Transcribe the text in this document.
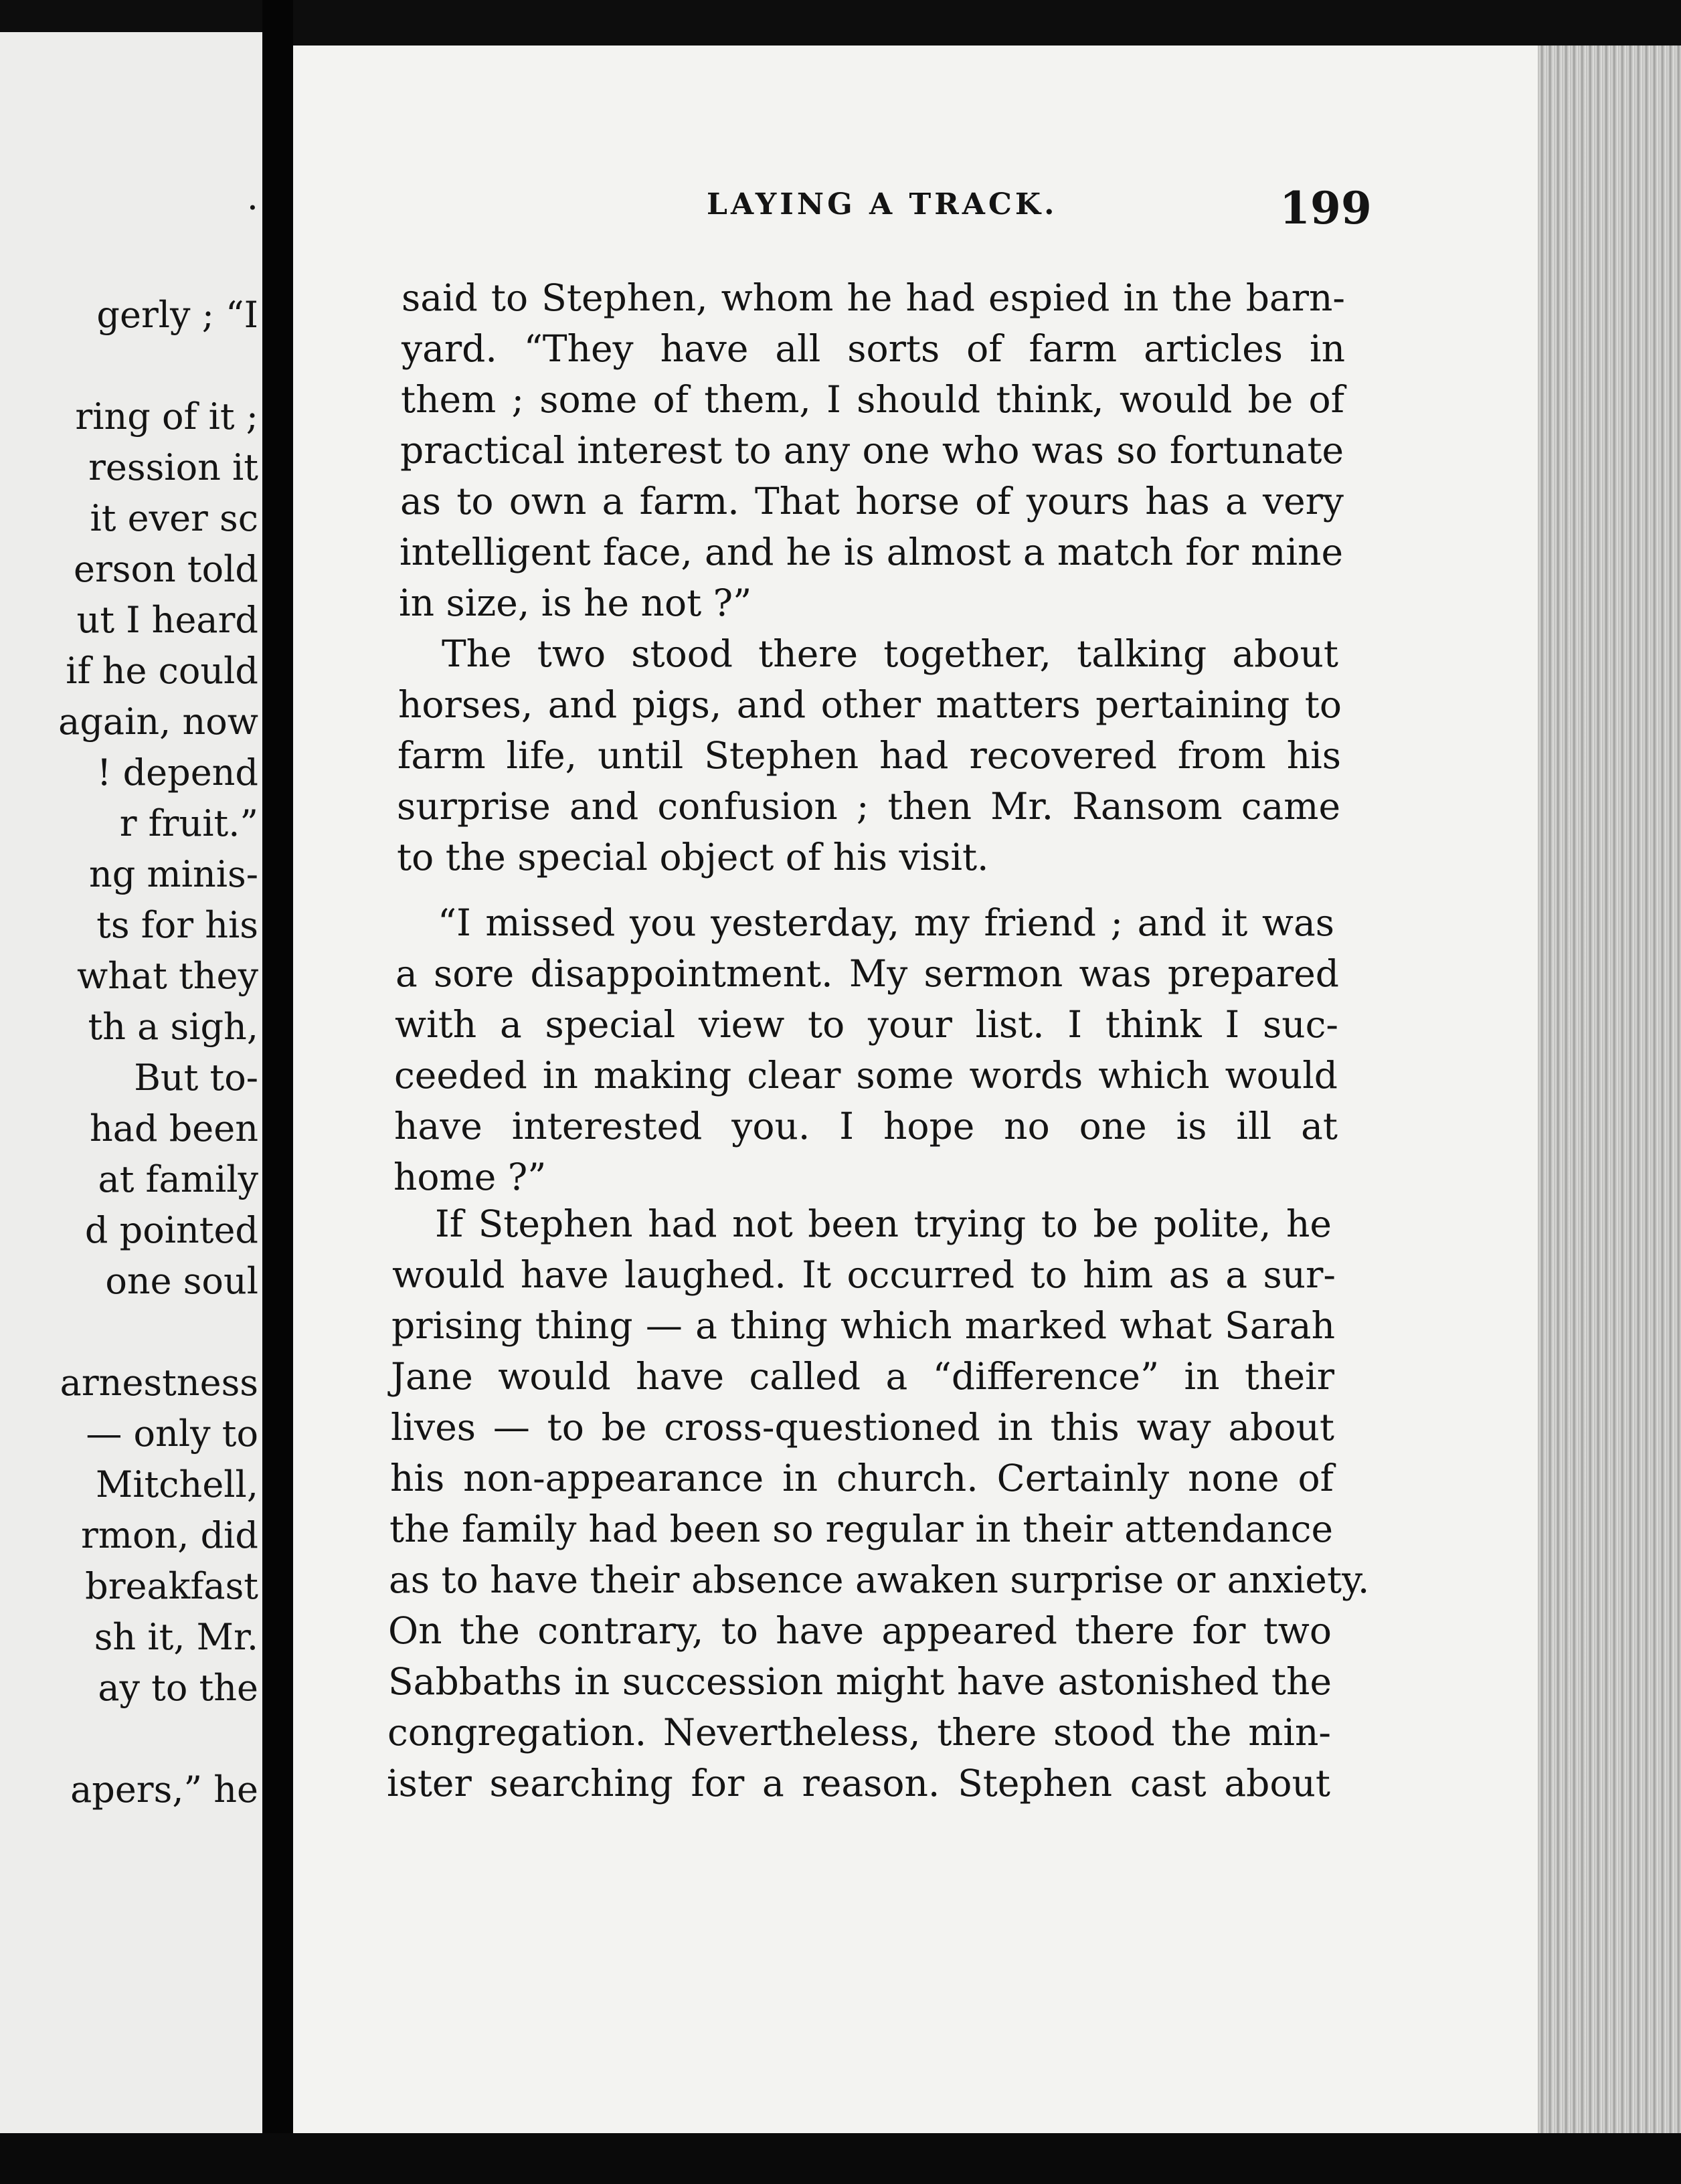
·
gerly ; “I
ring of it ;
ression it
it ever sc
erson told
ut I heard
if he could
again, now
! depend
r fruit.”
ng minis-
ts for his
what they
th a sigh,
But to-
had been
at family
d pointed
one soul
arnestness
— only to
Mitchell,
rmon, did
breakfast
sh it, Mr.
ay to the
apers,” he
LAYING A TRACK.	199
said to Stephen, whom he had espied in the barn-
yard. “They have all sorts of farm articles in
them ; some of them, I should think, would be of
practical interest to any one who was so fortunate
as to own a farm. That horse of yours has a very
intelligent face, and he is almost a match for mine
in size, is he not ?”
The two stood there together, talking about
horses, and pigs, and other matters pertaining to
farm life, until Stephen had recovered from his
surprise and confusion ; then Mr. Ransom came
to the special object of his visit.
“I missed you yesterday, my friend ; and it was
a sore disappointment. My sermon was prepared
with a special view to your list. I think I suc-
ceeded in making clear some words which would
have interested you. I hope no one is ill at
home ?”
If Stephen had not been trying to be polite, he
would have laughed. It occurred to him as a sur-
prising thing — a thing which marked what Sarah
Jane would have called a “difference” in their
lives — to be cross-questioned in this way about
his non-appearance in church. Certainly none of
the family had been so regular in their attendance
as to have their absence awaken surprise or anxiety.
On the contrary, to have appeared there for two
Sabbaths in succession might have astonished the
congregation. Nevertheless, there stood the min-
ister searching for a reason. Stephen cast about
